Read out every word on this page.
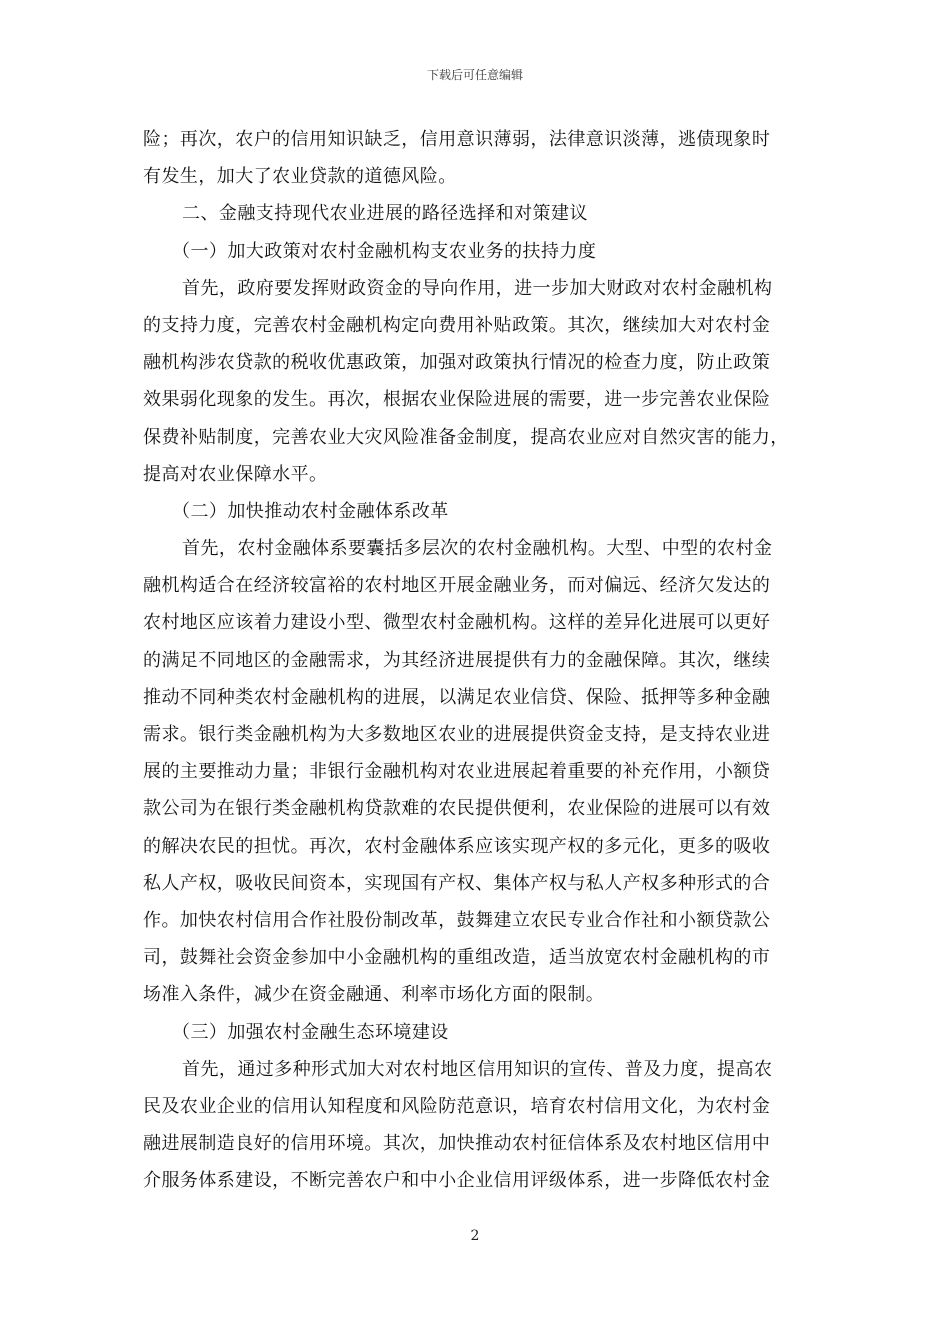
下载后可任意编辑
险；再次，农户的信用知识缺乏，信用意识薄弱，法律意识淡薄，逃债现象时
有发生，加大了农业贷款的道德风险。
二、金融支持现代农业进展的路径选择和对策建议
（一）加大政策对农村金融机构支农业务的扶持力度
首先，政府要发挥财政资金的导向作用，进一步加大财政对农村金融机构
的支持力度，完善农村金融机构定向费用补贴政策。其次，继续加大对农村金
融机构涉农贷款的税收优惠政策，加强对政策执行情况的检查力度，防止政策
效果弱化现象的发生。再次，根据农业保险进展的需要，进一步完善农业保险
保费补贴制度，完善农业大灾风险准备金制度，提高农业应对自然灾害的能力，
提高对农业保障水平。
（二）加快推动农村金融体系改革
首先，农村金融体系要囊括多层次的农村金融机构。大型、中型的农村金
融机构适合在经济较富裕的农村地区开展金融业务，而对偏远、经济欠发达的
农村地区应该着力建设小型、微型农村金融机构。这样的差异化进展可以更好
的满足不同地区的金融需求，为其经济进展提供有力的金融保障。其次，继续
推动不同种类农村金融机构的进展，以满足农业信贷、保险、抵押等多种金融
需求。银行类金融机构为大多数地区农业的进展提供资金支持，是支持农业进
展的主要推动力量；非银行金融机构对农业进展起着重要的补充作用，小额贷
款公司为在银行类金融机构贷款难的农民提供便利，农业保险的进展可以有效
的解决农民的担忧。再次，农村金融体系应该实现产权的多元化，更多的吸收
私人产权，吸收民间资本，实现国有产权、集体产权与私人产权多种形式的合
作。加快农村信用合作社股份制改革，鼓舞建立农民专业合作社和小额贷款公
司，鼓舞社会资金参加中小金融机构的重组改造，适当放宽农村金融机构的市
场准入条件，减少在资金融通、利率市场化方面的限制。
（三）加强农村金融生态环境建设
首先，通过多种形式加大对农村地区信用知识的宣传、普及力度，提高农
民及农业企业的信用认知程度和风险防范意识，培育农村信用文化，为农村金
融进展制造良好的信用环境。其次，加快推动农村征信体系及农村地区信用中
介服务体系建设，不断完善农户和中小企业信用评级体系，进一步降低农村金
2
